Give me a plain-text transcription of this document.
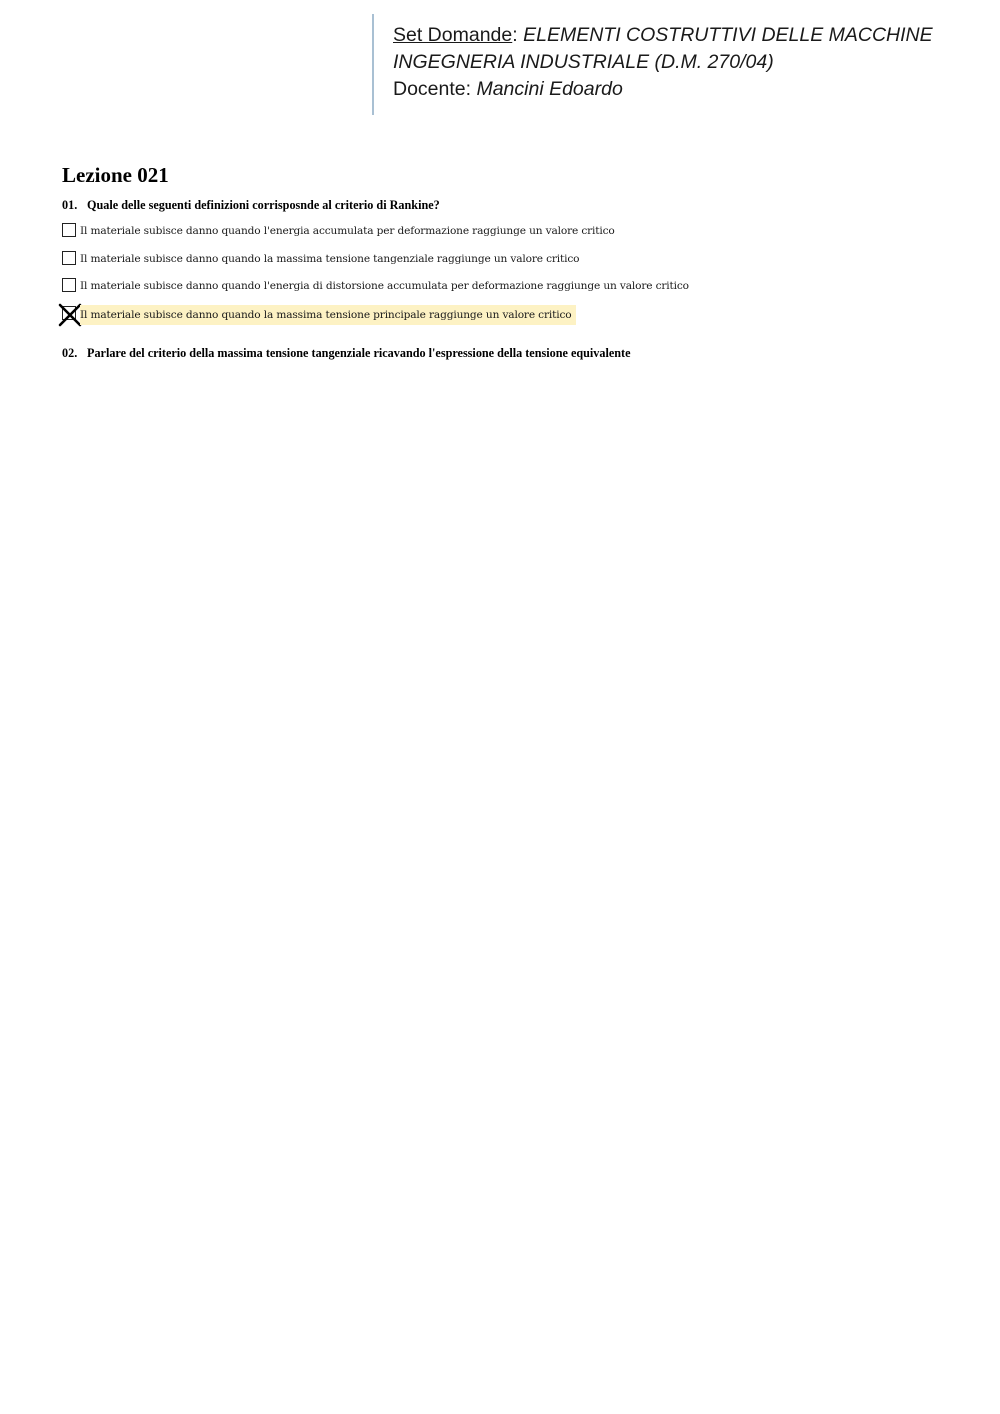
Set Domande: ELEMENTI COSTRUTTIVI DELLE MACCHINE
INGEGNERIA INDUSTRIALE (D.M. 270/04)
Docente: Mancini Edoardo
Lezione 021
01. Quale delle seguenti definizioni corrisposnde al criterio di Rankine?
Il materiale subisce danno quando l'energia accumulata per deformazione raggiunge un valore critico
Il materiale subisce danno quando la massima tensione tangenziale raggiunge un valore critico
Il materiale subisce danno quando l'energia di distorsione accumulata per deformazione raggiunge un valore critico
Il materiale subisce danno quando la massima tensione principale raggiunge un valore critico
02. Parlare del criterio della massima tensione tangenziale ricavando l'espressione della tensione equivalente
